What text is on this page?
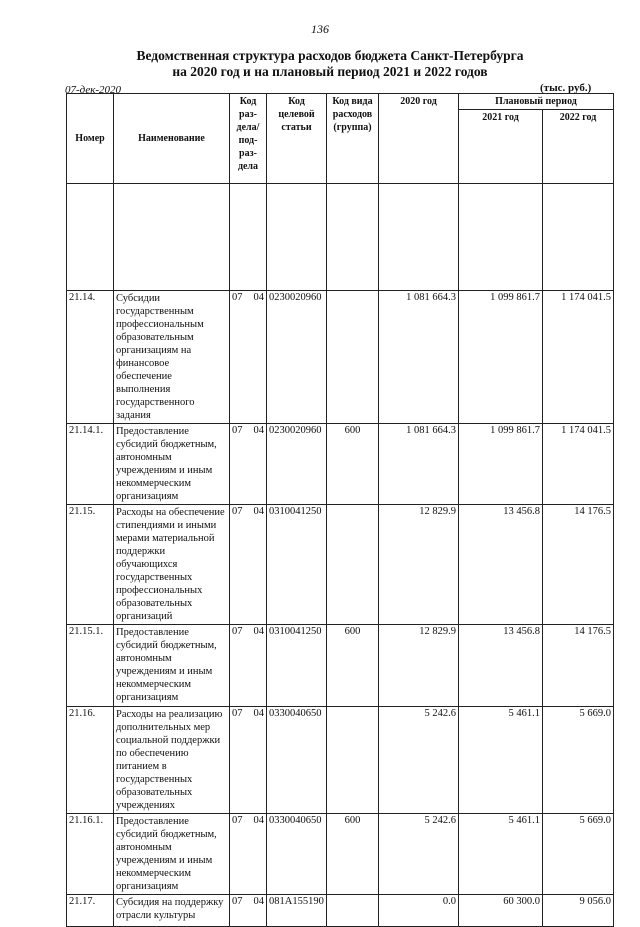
136
Ведомственная структура расходов бюджета Санкт-Петербурга
на 2020 год и на плановый период 2021 и 2022 годов
07-дек-2020	(тыс. руб.)
Номер	Наименование	Код раз-дела/ под-раз-дела	Код целевой статьи	Код вида расходов (группа)	2020 год	Плановый период	
						2021 год	2022 год

21.14.	Субсидии государственным профессиональным образовательным организациям на финансовое обеспечение выполнения государственного задания	07 04	0230020960		1 081 664.3	1 099 861.7	1 174 041.5
21.14.1.	Предоставление субсидий бюджетным, автономным учреждениям и иным некоммерческим организациям	07 04	0230020960	600	1 081 664.3	1 099 861.7	1 174 041.5
21.15.	Расходы на обеспечение стипендиями и иными мерами материальной поддержки обучающихся государственных профессиональных образовательных организаций	07 04	0310041250		12 829.9	13 456.8	14 176.5
21.15.1.	Предоставление субсидий бюджетным, автономным учреждениям и иным некоммерческим организациям	07 04	0310041250	600	12 829.9	13 456.8	14 176.5
21.16.	Расходы на реализацию дополнительных мер социальной поддержки по обеспечению питанием в государственных образовательных учреждениях	07 04	0330040650		5 242.6	5 461.1	5 669.0
21.16.1.	Предоставление субсидий бюджетным, автономным учреждениям и иным некоммерческим организациям	07 04	0330040650	600	5 242.6	5 461.1	5 669.0
21.17.	Субсидия на поддержку отрасли культуры	07 04	081A155190		0.0	60 300.0	9 056.0
